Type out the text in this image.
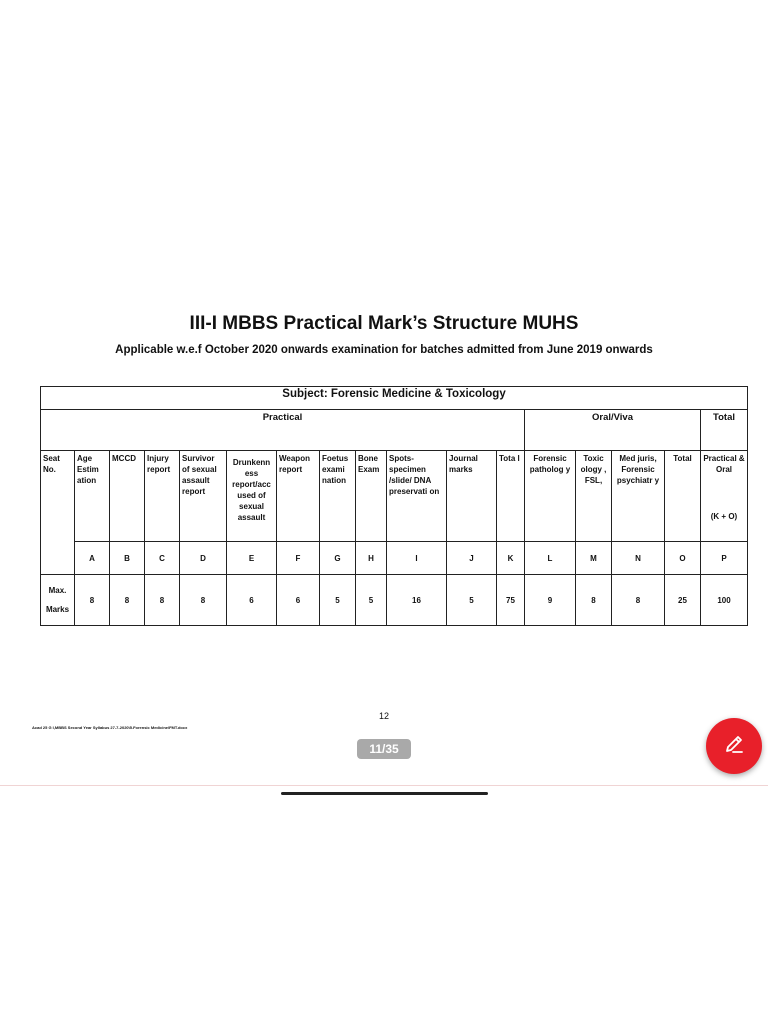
III-I MBBS Practical Mark’s Structure MUHS
Applicable w.e.f October 2020 onwards examination for batches admitted from June 2019 onwards
Subject: Forensic Medicine & Toxicology																
Practical												Oral/Viva				Total
Seat No.	Age Estim ation	MCCD	Injury report	Survivor of sexual assault report	Drunkenn ess report/acc used of sexual assault	Weapon report	Foetus exami nation	Bone Exam	Spots- specimen /slide/ DNA preservati on	Journal marks	Tota l	Forensic patholog y	Toxic ology , FSL,	Med juris, Forensic psychiatr y	Total	Practical & Oral
(K + O)

	A	B	C	D	E	F	G	H	I	J	K	L	M	N	O	P

Max.
Marks	8	8	8	8	6	6	5	5	16	5	75	9	8	8	25	100
12
Acad 25 G I,MBBS Second Year Syllabus 27-7-2020\5.Forensic Medicine\FMT.docx
11/35
